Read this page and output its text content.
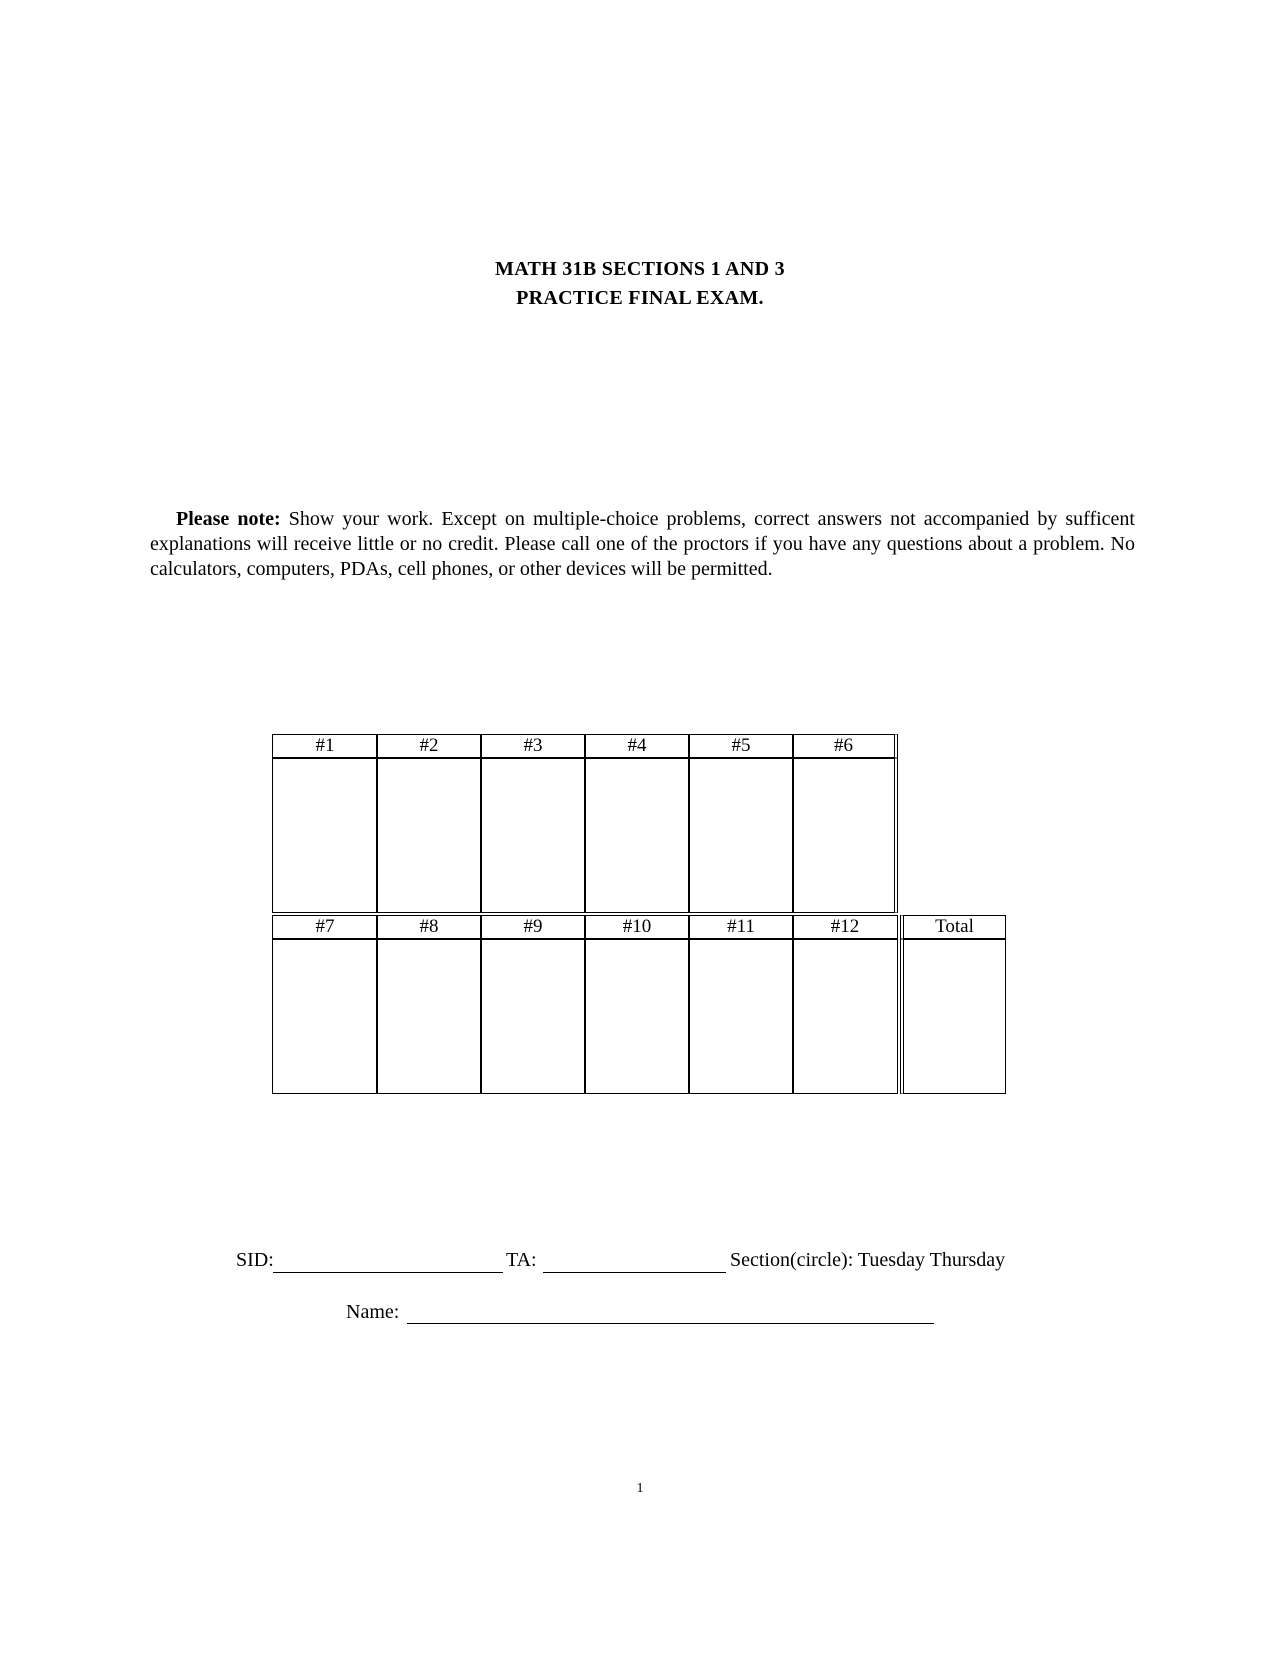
MATH 31B SECTIONS 1 AND 3
PRACTICE FINAL EXAM.
Please note: Show your work. Except on multiple-choice problems, correct answers not accompanied by sufficent explanations will receive little or no credit. Please call one of the proctors if you have any questions about a problem. No calculators, computers, PDAs, cell phones, or other devices will be permitted.
#1	#2	#3	#4	#5	#6
#7	#8	#9	#10	#11	#12	Total
SID:	TA:	Section(circle): Tuesday Thursday
Name:
1
